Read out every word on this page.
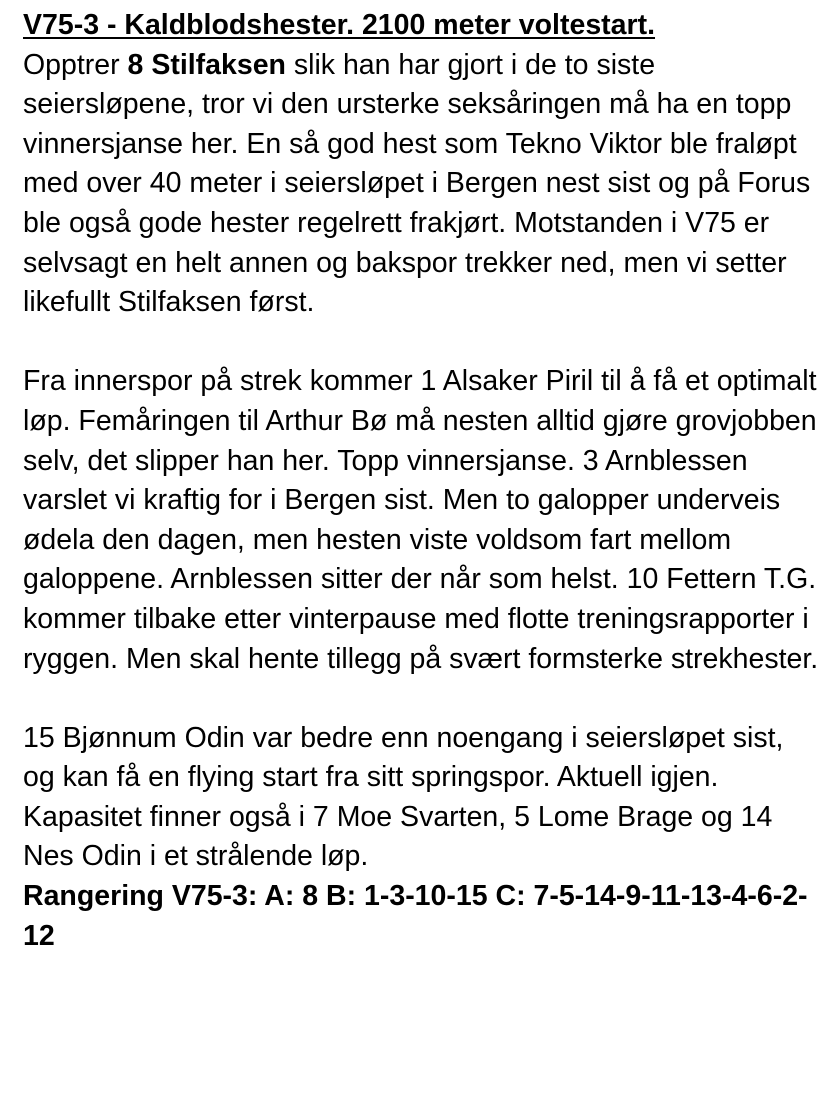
V75-3 - Kaldblodshester. 2100 meter voltestart.

Opptrer 8 Stilfaksen slik han har gjort i de to siste seiersløpene, tror vi den ursterke seksåringen må ha en topp vinnersjanse her. En så god hest som Tekno Viktor ble fraløpt med over 40 meter i seiersløpet i Bergen nest sist og på Forus ble også gode hester regelrett frakjørt. Motstanden i V75 er selvsagt en helt annen og bakspor trekker ned, men vi setter likefullt Stilfaksen først.

Fra innerspor på strek kommer 1 Alsaker Piril til å få et optimalt løp. Femåringen til Arthur Bø må nesten alltid gjøre grovjobben selv, det slipper han her. Topp vinnersjanse. 3 Arnblessen varslet vi kraftig for i Bergen sist. Men to galopper underveis ødela den dagen, men hesten viste voldsom fart mellom galoppene. Arnblessen sitter der når som helst. 10 Fettern T.G. kommer tilbake etter vinterpause med flotte treningsrapporter i ryggen. Men skal hente tillegg på svært formsterke strekhester.

15 Bjønnum Odin var bedre enn noengang i seiersløpet sist, og kan få en flying start fra sitt springspor. Aktuell igjen. Kapasitet finner også i 7 Moe Svarten, 5 Lome Brage og 14 Nes Odin i et strålende løp.

Rangering V75-3: A: 8 B: 1-3-10-15 C: 7-5-14-9-11-13-4-6-2-12
